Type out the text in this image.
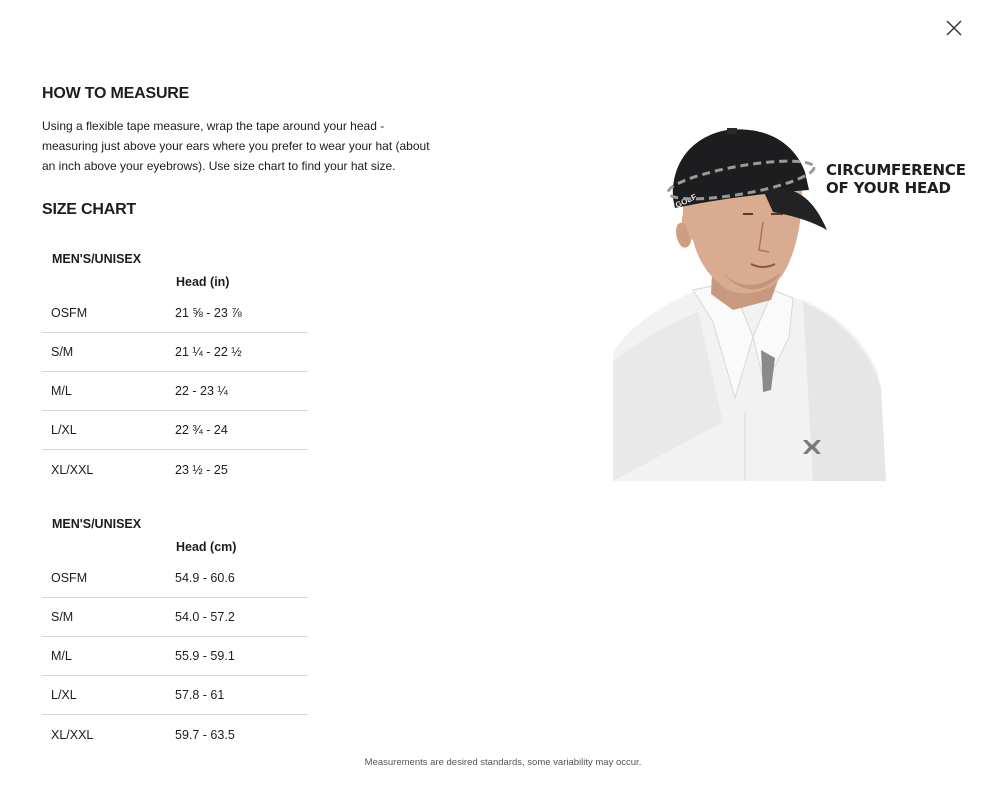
HOW TO MEASURE

Using a flexible tape measure, wrap the tape around your head - measuring just above your ears where you prefer to wear your hat (about an inch above your eyebrows). Use size chart to find your hat size.

SIZE CHART
MEN'S/UNISEX
Head (in)
OSFM	21 ⅝ - 23 ⅞
S/M	21 ¼ - 22 ½
M/L	22 - 23 ¼
L/XL	22 ¾ - 24
XL/XXL	23 ½ - 25
MEN'S/UNISEX
Head (cm)
OSFM	54.9 - 60.6
S/M	54.0 - 57.2
M/L	55.9 - 59.1
L/XL	57.8 - 61
XL/XXL	59.7 - 63.5
GOLF
CIRCUMFERENCE
OF YOUR HEAD
Measurements are desired standards, some variability may occur.
